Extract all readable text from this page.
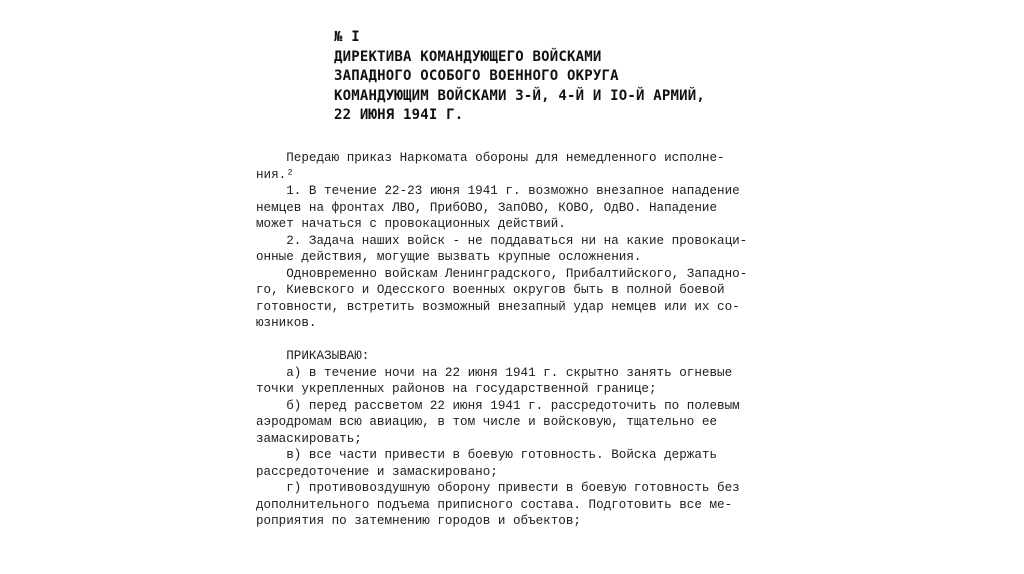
№ I
ДИРЕКТИВА КОМАНДУЮЩЕГО ВОЙСКАМИ
ЗАПАДНОГО ОСОБОГО ВОЕННОГО ОКРУГА
КОМАНДУЮЩИМ ВОЙСКАМИ 3-Й, 4-Й И IO-Й АРМИЙ,
22 ИЮНЯ 194I Г.
Передаю приказ Наркомата обороны для немедленного исполне-
ния.²
1. В течение 22-23 июня 1941 г. возможно внезапное нападение
немцев на фронтах ЛВО, ПрибОВО, ЗапОВО, КОВО, ОдВО. Нападение
может начаться с провокационных действий.
2. Задача наших войск - не поддаваться ни на какие провокаци-
онные действия, могущие вызвать крупные осложнения.
Одновременно войскам Ленинградского, Прибалтийского, Западно-
го, Киевского и Одесского военных округов быть в полной боевой
готовности, встретить возможный внезапный удар немцев или их со-
юзников.
ПРИКАЗЫВАЮ:
а) в течение ночи на 22 июня 1941 г. скрытно занять огневые
точки укрепленных районов на государственной границе;
б) перед рассветом 22 июня 1941 г. рассредоточить по полевым
аэродромам всю авиацию, в том числе и войсковую, тщательно ее
замаскировать;
в) все части привести в боевую готовность. Войска держать
рассредоточение и замаскировано;
г) противовоздушную оборону привести в боевую готовность без
дополнительного подъема приписного состава. Подготовить все ме-
роприятия по затемнению городов и объектов;
